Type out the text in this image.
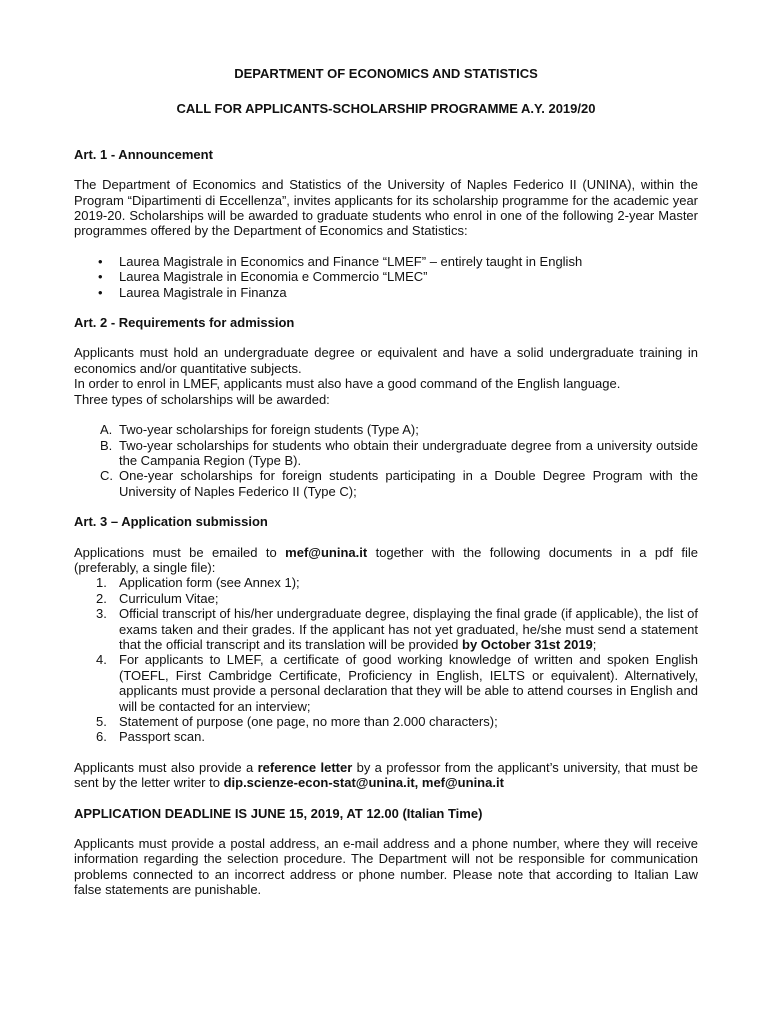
DEPARTMENT OF ECONOMICS AND STATISTICS
CALL FOR APPLICANTS-SCHOLARSHIP PROGRAMME A.Y. 2019/20
Art. 1 - Announcement

The Department of Economics and Statistics of the University of Naples Federico II (UNINA), within the Program “Dipartimenti di Eccellenza”, invites applicants for its scholarship programme for the academic year 2019-20. Scholarships will be awarded to graduate students who enrol in one of the following 2-year Master programmes offered by the Department of Economics and Statistics:

• Laurea Magistrale in Economics and Finance “LMEF” – entirely taught in English
• Laurea Magistrale in Economia e Commercio “LMEC”
• Laurea Magistrale in Finanza
Art. 2 - Requirements for admission

Applicants must hold an undergraduate degree or equivalent and have a solid undergraduate training in economics and/or quantitative subjects.

In order to enrol in LMEF, applicants must also have a good command of the English language.

Three types of scholarships will be awarded:

A. Two-year scholarships for foreign students (Type A);
B. Two-year scholarships for students who obtain their undergraduate degree from a university outside the Campania Region (Type B).
C. One-year scholarships for foreign students participating in a Double Degree Program with the University of Naples Federico II (Type C);
Art. 3 – Application submission

Applications must be emailed to mef@unina.it together with the following documents in a pdf file (preferably, a single file):

1. Application form (see Annex 1);
2. Curriculum Vitae;
3. Official transcript of his/her undergraduate degree, displaying the final grade (if applicable), the list of exams taken and their grades. If the applicant has not yet graduated, he/she must send a statement that the official transcript and its translation will be provided by October 31st 2019;
4. For applicants to LMEF, a certificate of good working knowledge of written and spoken English (TOEFL, First Cambridge Certificate, Proficiency in English, IELTS or equivalent). Alternatively, applicants must provide a personal declaration that they will be able to attend courses in English and will be contacted for an interview;
5. Statement of purpose (one page, no more than 2.000 characters);
6. Passport scan.

Applicants must also provide a reference letter by a professor from the applicant’s university, that must be sent by the letter writer to dip.scienze-econ-stat@unina.it, mef@unina.it

APPLICATION DEADLINE IS JUNE 15, 2019, AT 12.00 (Italian Time)

Applicants must provide a postal address, an e-mail address and a phone number, where they will receive information regarding the selection procedure. The Department will not be responsible for communication problems connected to an incorrect address or phone number. Please note that according to Italian Law false statements are punishable.
